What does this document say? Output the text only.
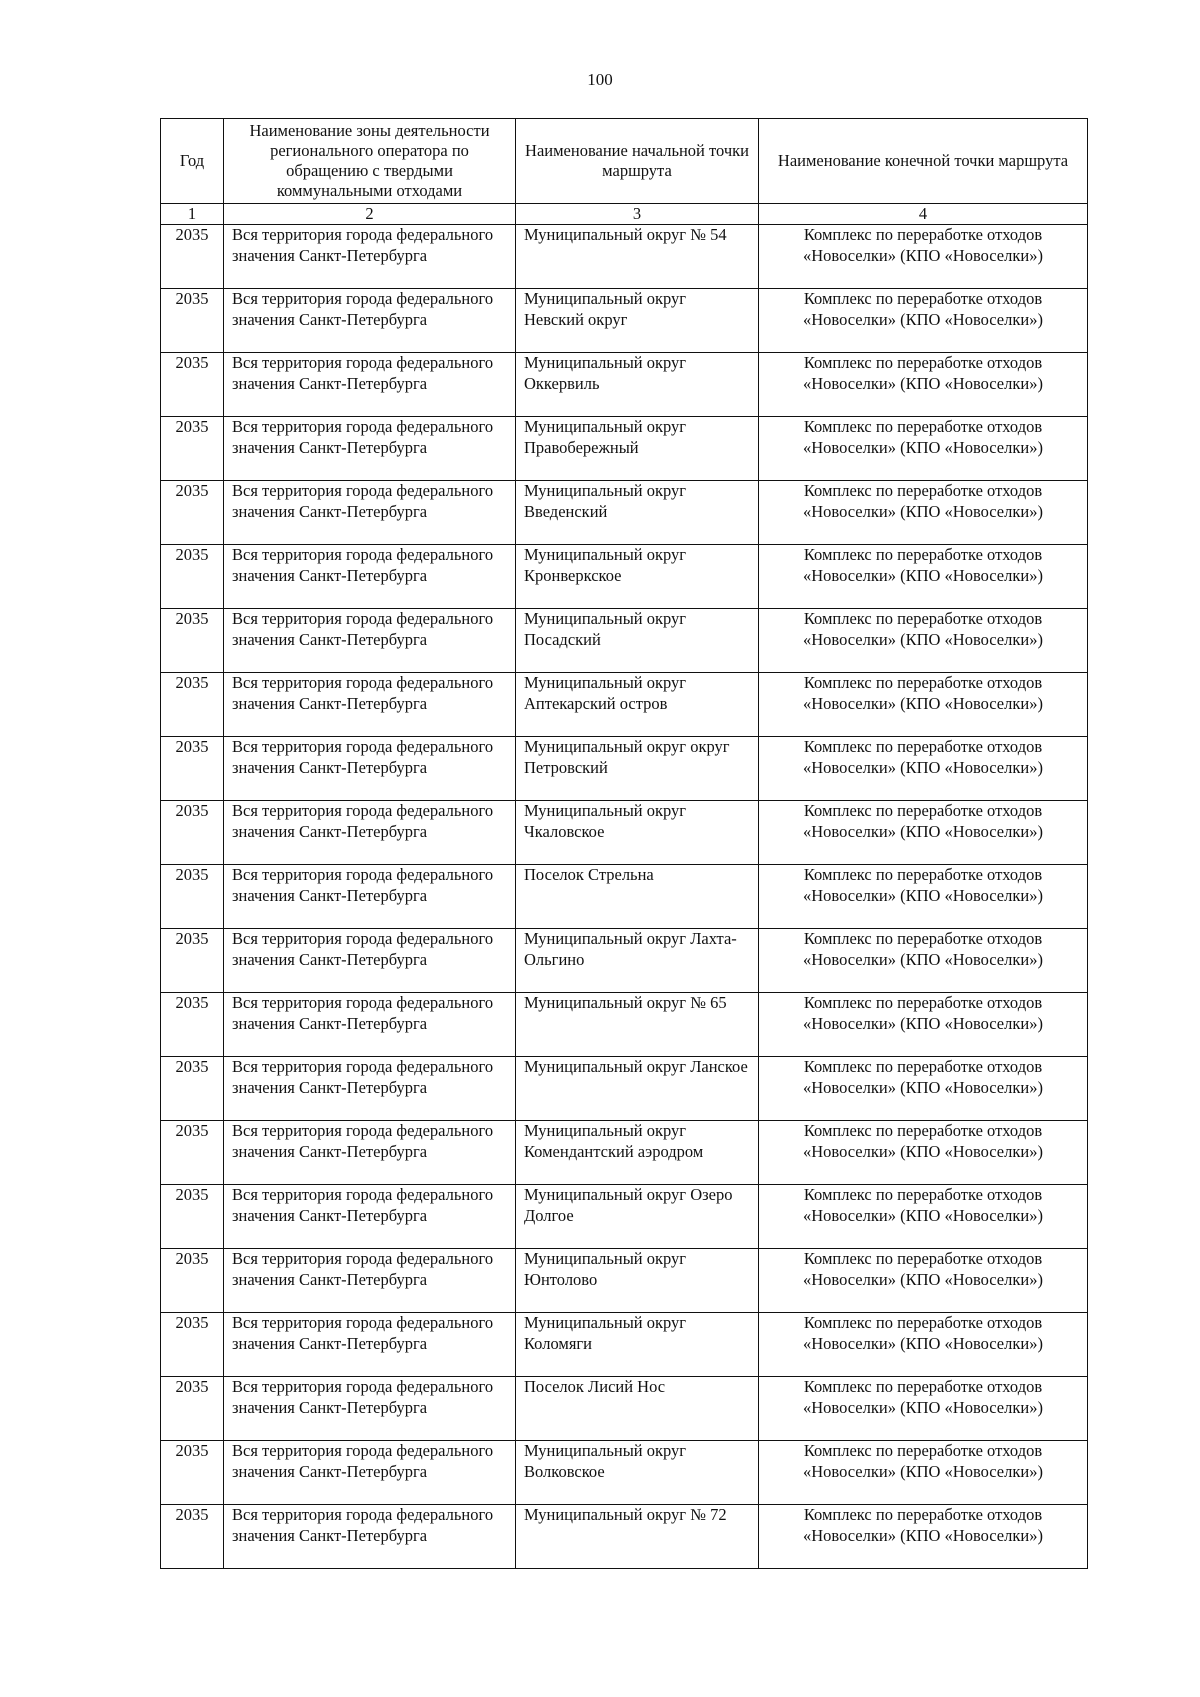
100
Год	Наименование зоны деятельности регионального оператора по обращению с твердыми коммунальными отходами	Наименование начальной точки маршрута	Наименование конечной точки маршрута
1	2	3	4
2035	Вся территория города федерального значения Санкт-Петербурга	Муниципальный округ № 54	Комплекс по переработке отходов «Новоселки» (КПО «Новоселки»)
2035	Вся территория города федерального значения Санкт-Петербурга	Муниципальный округ Невский округ	Комплекс по переработке отходов «Новоселки» (КПО «Новоселки»)
2035	Вся территория города федерального значения Санкт-Петербурга	Муниципальный округ Оккервиль	Комплекс по переработке отходов «Новоселки» (КПО «Новоселки»)
2035	Вся территория города федерального значения Санкт-Петербурга	Муниципальный округ Правобережный	Комплекс по переработке отходов «Новоселки» (КПО «Новоселки»)
2035	Вся территория города федерального значения Санкт-Петербурга	Муниципальный округ Введенский	Комплекс по переработке отходов «Новоселки» (КПО «Новоселки»)
2035	Вся территория города федерального значения Санкт-Петербурга	Муниципальный округ Кронверкское	Комплекс по переработке отходов «Новоселки» (КПО «Новоселки»)
2035	Вся территория города федерального значения Санкт-Петербурга	Муниципальный округ Посадский	Комплекс по переработке отходов «Новоселки» (КПО «Новоселки»)
2035	Вся территория города федерального значения Санкт-Петербурга	Муниципальный округ Аптекарский остров	Комплекс по переработке отходов «Новоселки» (КПО «Новоселки»)
2035	Вся территория города федерального значения Санкт-Петербурга	Муниципальный округ округ Петровский	Комплекс по переработке отходов «Новоселки» (КПО «Новоселки»)
2035	Вся территория города федерального значения Санкт-Петербурга	Муниципальный округ Чкаловское	Комплекс по переработке отходов «Новоселки» (КПО «Новоселки»)
2035	Вся территория города федерального значения Санкт-Петербурга	Поселок Стрельна	Комплекс по переработке отходов «Новоселки» (КПО «Новоселки»)
2035	Вся территория города федерального значения Санкт-Петербурга	Муниципальный округ Лахта-Ольгино	Комплекс по переработке отходов «Новоселки» (КПО «Новоселки»)
2035	Вся территория города федерального значения Санкт-Петербурга	Муниципальный округ № 65	Комплекс по переработке отходов «Новоселки» (КПО «Новоселки»)
2035	Вся территория города федерального значения Санкт-Петербурга	Муниципальный округ Ланское	Комплекс по переработке отходов «Новоселки» (КПО «Новоселки»)
2035	Вся территория города федерального значения Санкт-Петербурга	Муниципальный округ Комендантский аэродром	Комплекс по переработке отходов «Новоселки» (КПО «Новоселки»)
2035	Вся территория города федерального значения Санкт-Петербурга	Муниципальный округ Озеро Долгое	Комплекс по переработке отходов «Новоселки» (КПО «Новоселки»)
2035	Вся территория города федерального значения Санкт-Петербурга	Муниципальный округ Юнтолово	Комплекс по переработке отходов «Новоселки» (КПО «Новоселки»)
2035	Вся территория города федерального значения Санкт-Петербурга	Муниципальный округ Коломяги	Комплекс по переработке отходов «Новоселки» (КПО «Новоселки»)
2035	Вся территория города федерального значения Санкт-Петербурга	Поселок Лисий Нос	Комплекс по переработке отходов «Новоселки» (КПО «Новоселки»)
2035	Вся территория города федерального значения Санкт-Петербурга	Муниципальный округ Волковское	Комплекс по переработке отходов «Новоселки» (КПО «Новоселки»)
2035	Вся территория города федерального значения Санкт-Петербурга	Муниципальный округ № 72	Комплекс по переработке отходов «Новоселки» (КПО «Новоселки»)
